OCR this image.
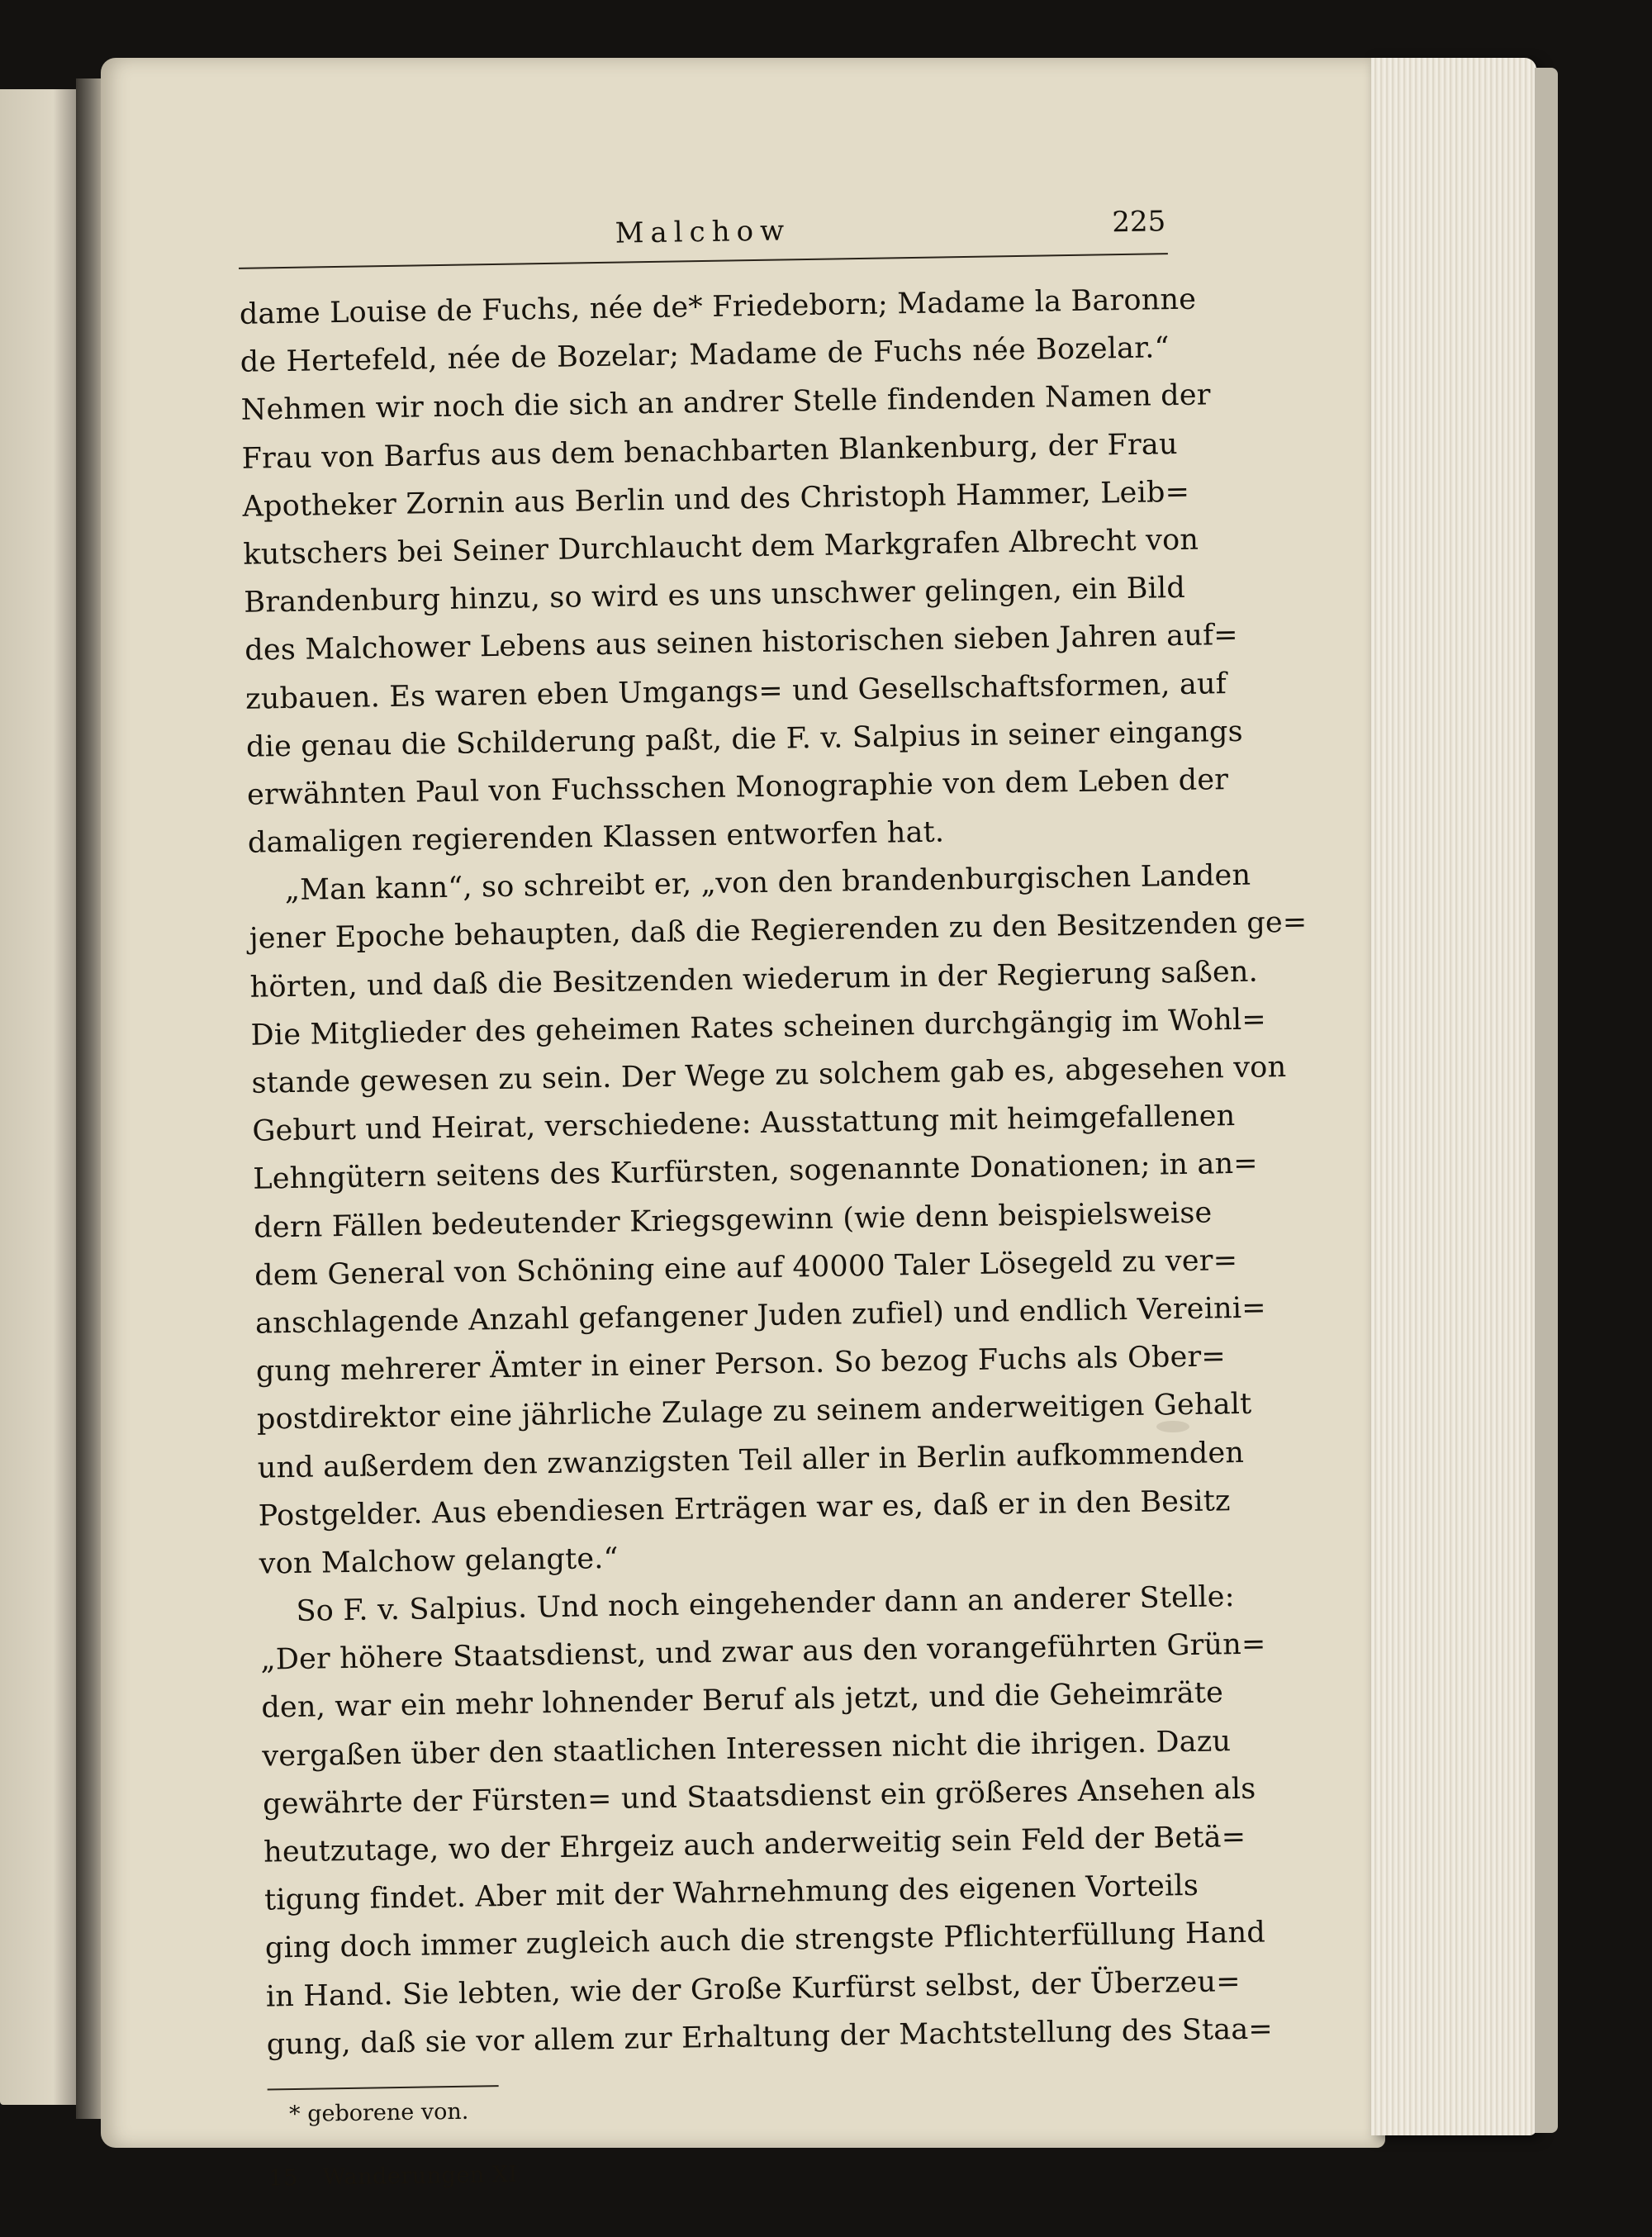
Malchow	225
dame Louise de Fuchs, née de* Friedeborn; Madame la Baronne
de Hertefeld, née de Bozelar; Madame de Fuchs née Bozelar.“
Nehmen wir noch die sich an andrer Stelle findenden Namen der
Frau von Barfus aus dem benachbarten Blankenburg, der Frau
Apotheker Zornin aus Berlin und des Christoph Hammer, Leib=
kutschers bei Seiner Durchlaucht dem Markgrafen Albrecht von
Brandenburg hinzu, so wird es uns unschwer gelingen, ein Bild
des Malchower Lebens aus seinen historischen sieben Jahren auf=
zubauen. Es waren eben Umgangs= und Gesellschaftsformen, auf
die genau die Schilderung paßt, die F. v. Salpius in seiner eingangs
erwähnten Paul von Fuchsschen Monographie von dem Leben der
damaligen regierenden Klassen entworfen hat.
„Man kann“, so schreibt er, „von den brandenburgischen Landen
jener Epoche behaupten, daß die Regierenden zu den Besitzenden ge=
hörten, und daß die Besitzenden wiederum in der Regierung saßen.
Die Mitglieder des geheimen Rates scheinen durchgängig im Wohl=
stande gewesen zu sein. Der Wege zu solchem gab es, abgesehen von
Geburt und Heirat, verschiedene: Ausstattung mit heimgefallenen
Lehngütern seitens des Kurfürsten, sogenannte Donationen; in an=
dern Fällen bedeutender Kriegsgewinn (wie denn beispielsweise
dem General von Schöning eine auf 40000 Taler Lösegeld zu ver=
anschlagende Anzahl gefangener Juden zufiel) und endlich Vereini=
gung mehrerer Ämter in einer Person. So bezog Fuchs als Ober=
postdirektor eine jährliche Zulage zu seinem anderweitigen Gehalt
und außerdem den zwanzigsten Teil aller in Berlin aufkommenden
Postgelder. Aus ebendiesen Erträgen war es, daß er in den Besitz
von Malchow gelangte.“
So F. v. Salpius. Und noch eingehender dann an anderer Stelle:
„Der höhere Staatsdienst, und zwar aus den vorangeführten Grün=
den, war ein mehr lohnender Beruf als jetzt, und die Geheimräte
vergaßen über den staatlichen Interessen nicht die ihrigen. Dazu
gewährte der Fürsten= und Staatsdienst ein größeres Ansehen als
heutzutage, wo der Ehrgeiz auch anderweitig sein Feld der Betä=
tigung findet. Aber mit der Wahrnehmung des eigenen Vorteils
ging doch immer zugleich auch die strengste Pflichterfüllung Hand
in Hand. Sie lebten, wie der Große Kurfürst selbst, der Überzeu=
gung, daß sie vor allem zur Erhaltung der Machtstellung des Staa=
* geborene von.
15 Wanderungen XI
